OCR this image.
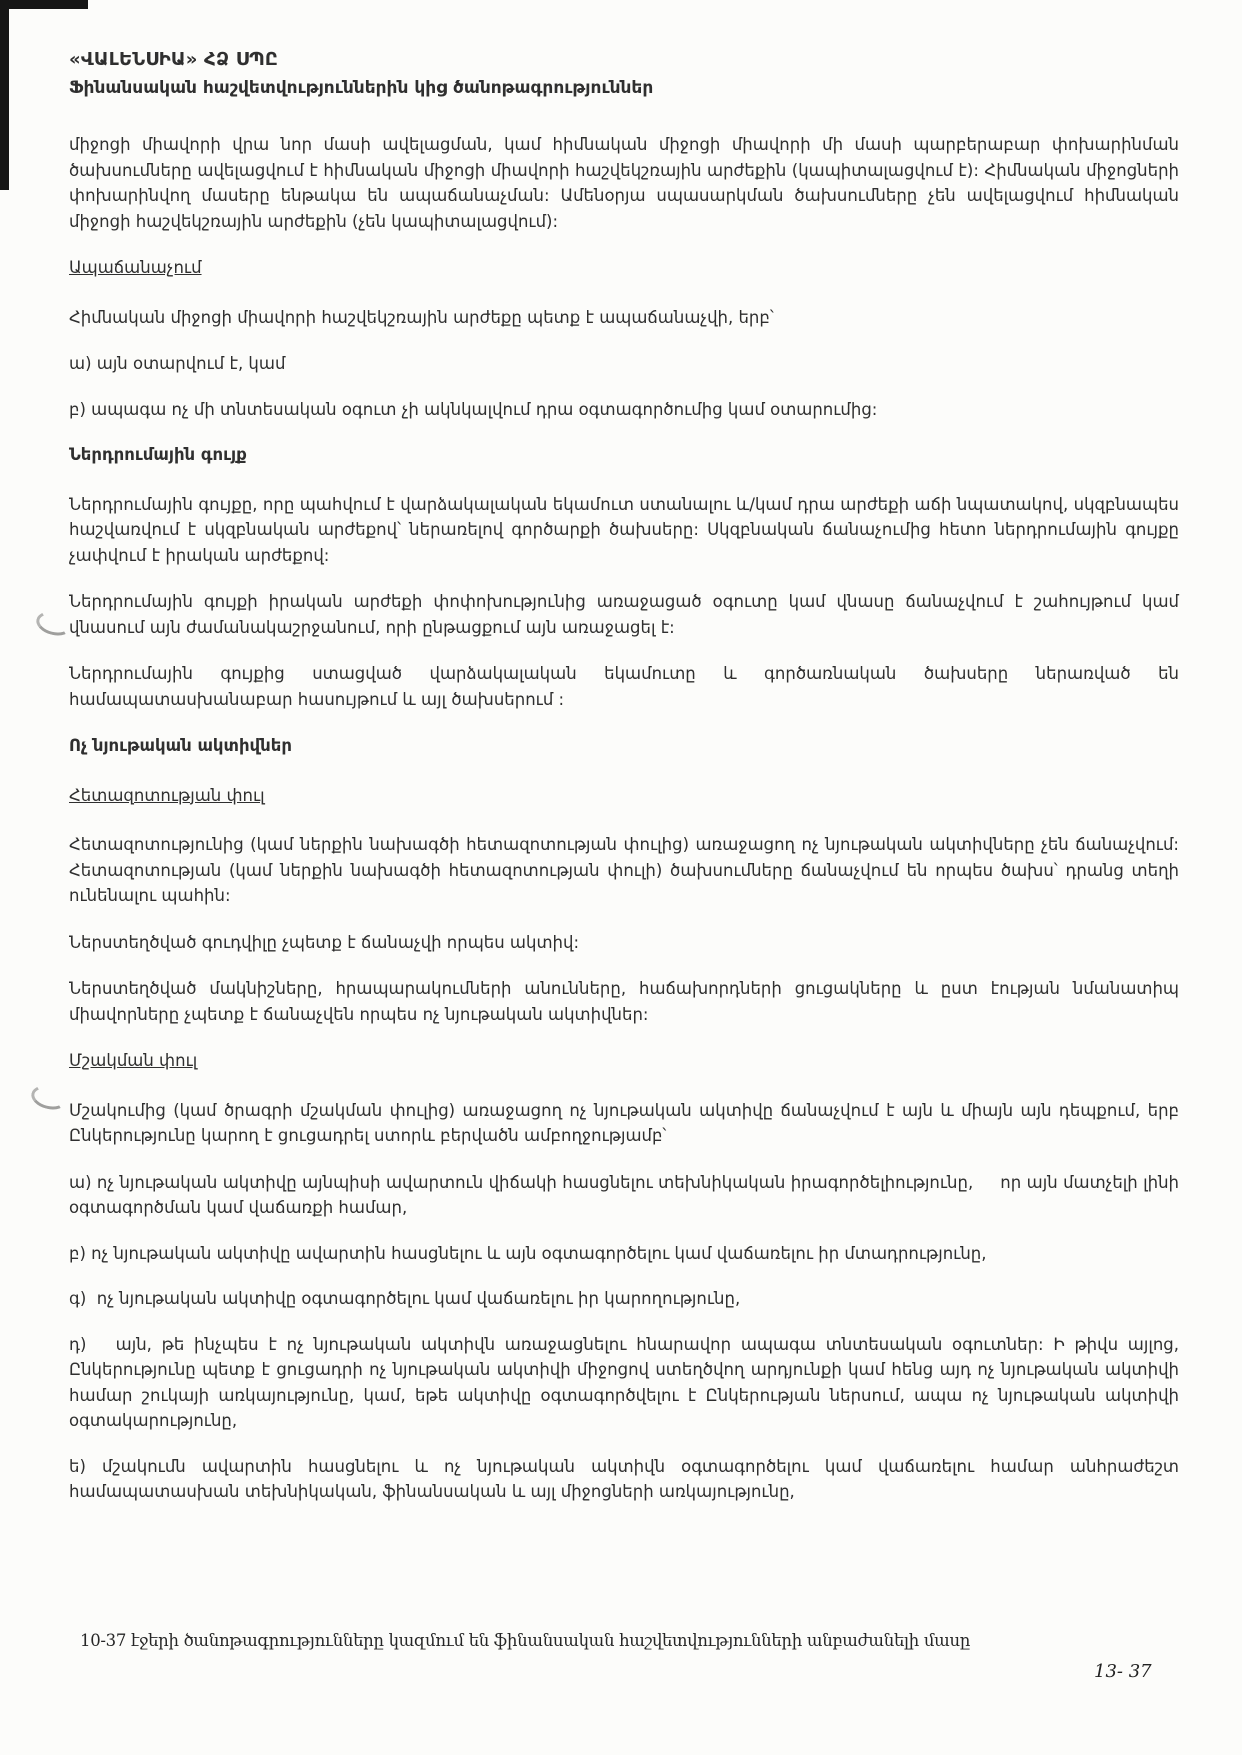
«ՎԱԼԵՆՍԻԱ» ՀՁ ՍՊԸ
Ֆինանսական հաշվետվություններին կից ծանոթագրություններ

միջոցի միավորի վրա նոր մասի ավելացման, կամ հիմնական միջոցի միավորի մի մասի պարբերաբար փոխարինման ծախսումները ավելացվում է հիմնական միջոցի միավորի հաշվեկշռային արժեքին (կապիտալացվում է): Հիմնական միջոցների փոխարինվող մասերը ենթակա են ապաճանաչման: Ամենօրյա սպասարկման ծախսումները չեն ավելացվում հիմնական միջոցի հաշվեկշռային արժեքին (չեն կապիտալացվում):

Ապաճանաչում

Հիմնական միջոցի միավորի հաշվեկշռային արժեքը պետք է ապաճանաչվի, երբ՝

ա) այն օտարվում է, կամ

բ) ապագա ոչ մի տնտեսական օգուտ չի ակնկալվում դրա օգտագործումից կամ օտարումից:

Ներդրումային գույք

Ներդրումային գույքը, որը պահվում է վարձակալական եկամուտ ստանալու և/կամ դրա արժեքի աճի նպատակով, սկզբնապես հաշվառվում է սկզբնական արժեքով՝ ներառելով գործարքի ծախսերը: Սկզբնական ճանաչումից հետո ներդրումային գույքը չափվում է իրական արժեքով:

Ներդրումային գույքի իրական արժեքի փոփոխությունից առաջացած օգուտը կամ վնասը ճանաչվում է շահույթում կամ վնասում այն ժամանակաշրջանում, որի ընթացքում այն առաջացել է:

Ներդրումային գույքից ստացված վարձակալական եկամուտը և գործառնական ծախսերը ներառված են համապատասխանաբար հասույթում և այլ ծախսերում :

Ոչ նյութական ակտիվներ
Հետազոտության փուլ

Հետազոտությունից (կամ ներքին նախագծի հետազոտության փուլից) առաջացող ոչ նյութական ակտիվները չեն ճանաչվում: Հետազոտության (կամ ներքին նախագծի հետազոտության փուլի) ծախսումները ճանաչվում են որպես ծախս՝ դրանց տեղի ունենալու պահին:

Ներստեղծված գուդվիլը չպետք է ճանաչվի որպես ակտիվ:

Ներստեղծված մակնիշները, հրապարակումների անունները, հաճախորդների ցուցակները և ըստ էության նմանատիպ միավորները չպետք է ճանաչվեն որպես ոչ նյութական ակտիվներ:

Մշակման փուլ

Մշակումից (կամ ծրագրի մշակման փուլից) առաջացող ոչ նյութական ակտիվը ճանաչվում է այն և միայն այն դեպքում, երբ Ընկերությունը կարող է ցուցադրել ստորև բերվածն ամբողջությամբ՝

ա) ոչ նյութական ակտիվը այնպիսի ավարտուն վիճակի հասցնելու տեխնիկական իրագործելիությունը,     որ այն մատչելի լինի օգտագործման կամ վաճառքի համար,

բ) ոչ նյութական ակտիվը ավարտին հասցնելու և այն օգտագործելու կամ վաճառելու իր մտադրությունը,

գ)  ոչ նյութական ակտիվը օգտագործելու կամ վաճառելու իր կարողությունը,

դ)   այն, թե ինչպես է ոչ նյութական ակտիվն առաջացնելու հնարավոր ապագա տնտեսական օգուտներ: Ի թիվս այլոց, Ընկերությունը պետք է ցուցադրի ոչ նյութական ակտիվի միջոցով ստեղծվող արդյունքի կամ հենց այդ ոչ նյութական ակտիվի համար շուկայի առկայությունը, կամ, եթե ակտիվը օգտագործվելու է Ընկերության ներսում, ապա ոչ նյութական ակտիվի օգտակարությունը,

ե) մշակումն ավարտին հասցնելու և ոչ նյութական ակտիվն օգտագործելու կամ վաճառելու համար անհրաժեշտ համապատասխան տեխնիկական, ֆինանսական և այլ միջոցների առկայությունը,

10-37 էջերի ծանոթագրությունները կազմում են ֆինանսական հաշվետվությունների անբաժանելի մասը
13- 37
